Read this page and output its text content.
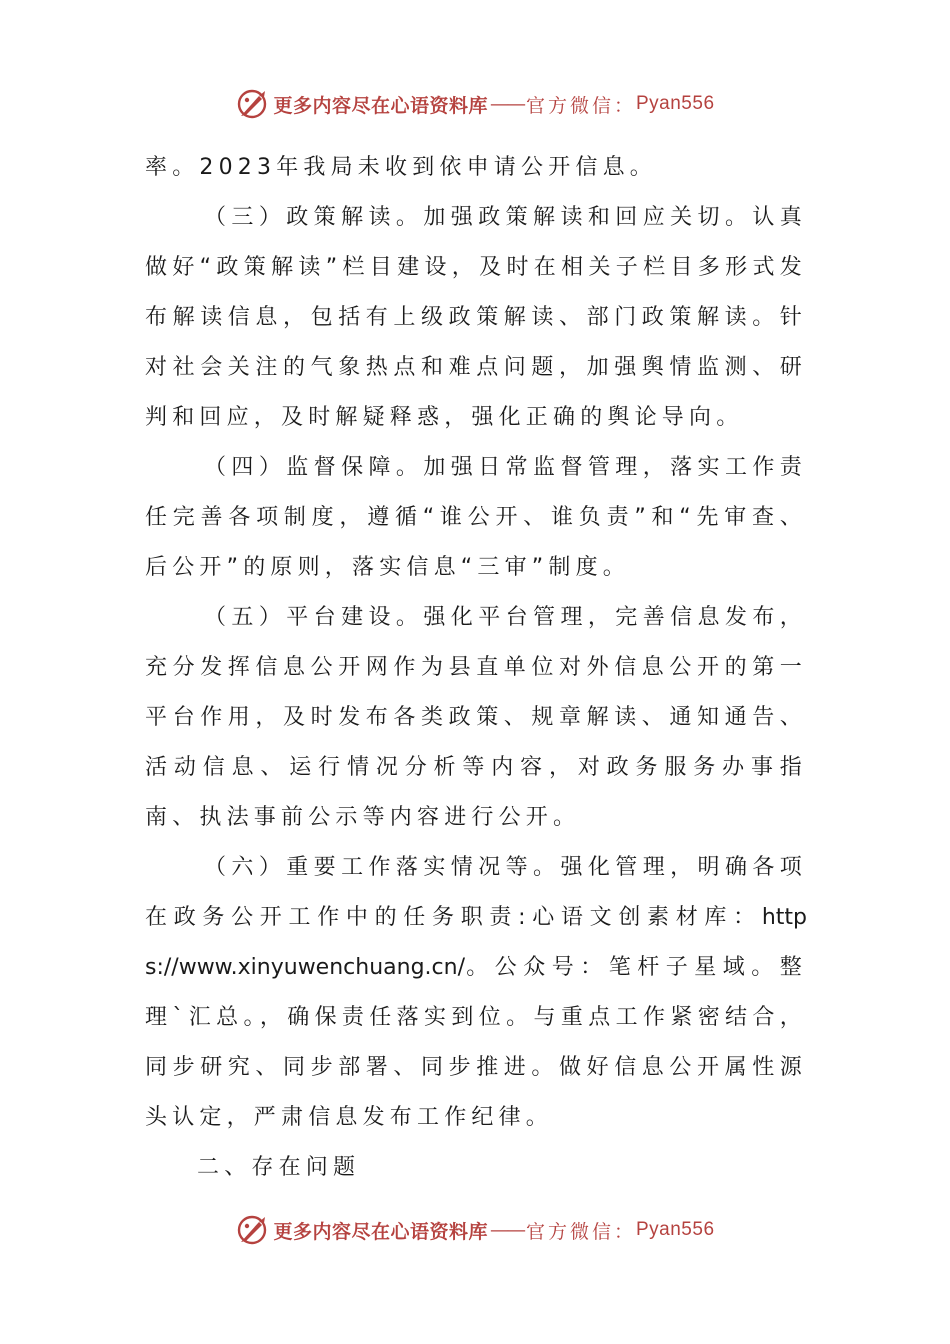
更多内容尽在心语资料库 —— 官方微信： Pyan556

率。2023年我局未收到依申请公开信息。

（三）政策解读。加强政策解读和回应关切。认真做好“政策解读”栏目建设，及时在相关子栏目多形式发布解读信息，包括有上级政策解读、部门政策解读。针对社会关注的气象热点和难点问题，加强舆情监测、研判和回应，及时解疑释惑，强化正确的舆论导向。

（四）监督保障。加强日常监督管理，落实工作责任完善各项制度，遵循“谁公开、谁负责”和“先审查、后公开”的原则，落实信息“三审”制度。

（五）平台建设。强化平台管理，完善信息发布，充分发挥信息公开网作为县直单位对外信息公开的第一平台作用，及时发布各类政策、规章解读、通知通告、活动信息、运行情况分析等内容，对政务服务办事指南、执法事前公示等内容进行公开。

（六）重要工作落实情况等。强化管理，明确各项在政务公开工作中的任务职责:心语文创素材库：https://www.xinyuwenchuang.cn/。公众号：笔杆子星域。整理`汇总。，确保责任落实到位。与重点工作紧密结合，同步研究、同步部署、同步推进。做好信息公开属性源头认定，严肃信息发布工作纪律。

二、存在问题

更多内容尽在心语资料库 —— 官方微信： Pyan556
